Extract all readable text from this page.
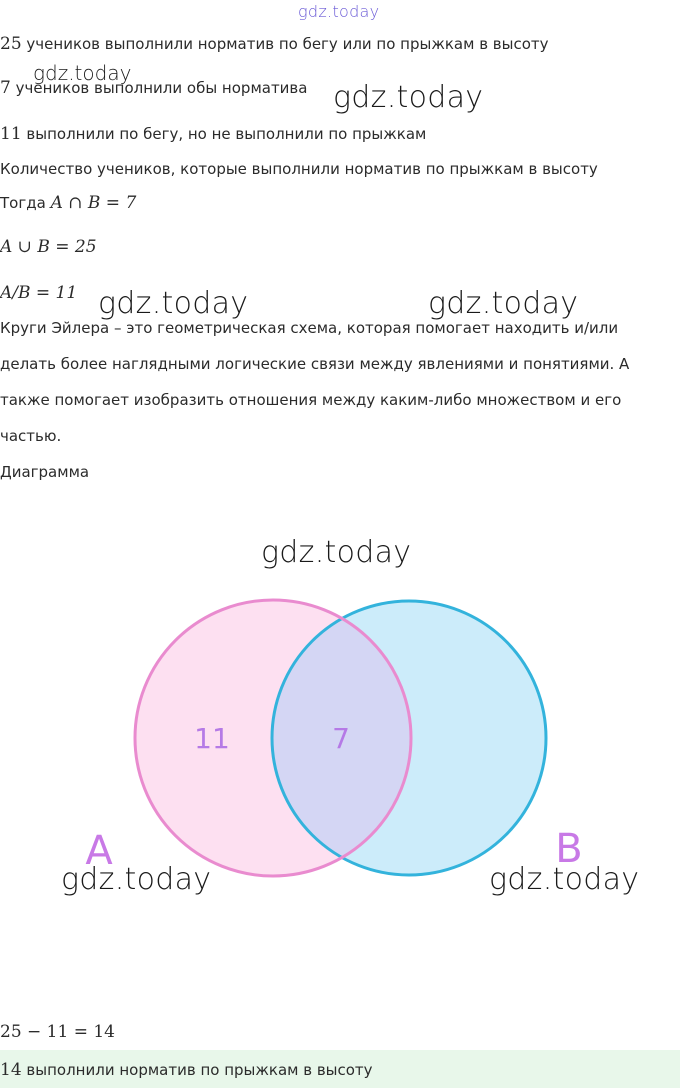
gdz.today
25 учеников выполнили норматив по бегу или по прыжкам в высоту
gdz.today
7 учеников выполнили обы норматива gdz.today
11 выполнили по бегу, но не выполнили по прыжкам
Количество учеников, которые выполнили норматив по прыжкам в высоту
Тогда A ∩ B = 7
A ∪ B = 25
A/B = 11 gdz.today	gdz.today
Круги Эйлера – это геометрическая схема, которая помогает находить и/или делать более наглядными логические связи между явлениями и понятиями. А также помогает изобразить отношения между каким-либо множеством и его частью.
Диаграмма
11	7
A	B
gdz.today
gdz.today	gdz.today
25 − 11 = 14
14 выполнили норматив по прыжкам в высоту
